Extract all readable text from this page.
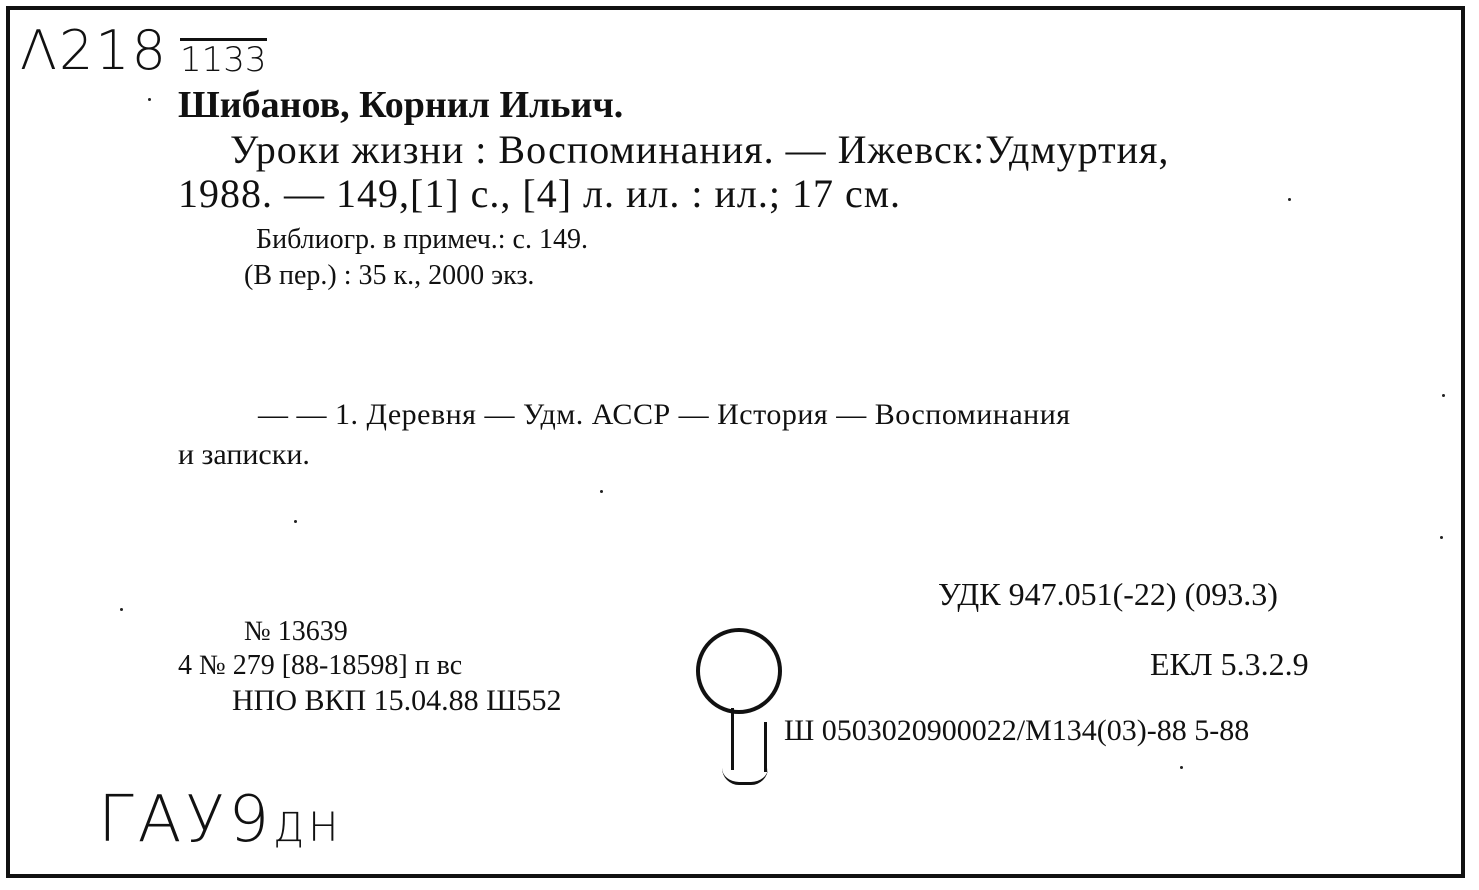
Λ218 1133
Шибанов, Корнил Ильич.
Уроки жизни : Воспоминания. — Ижевск:Удмуртия,
1988. — 149,[1] с., [4] л. ил. : ил.; 17 см.
Библиогр. в примеч.: с. 149.
(В пер.) : 35 к., 2000 экз.
— — 1. Деревня — Удм. АССР — История — Воспоминания
и записки.
УДК 947.051(-22) (093.3)
ЕКЛ 5.3.2.9
Ш 0503020900022/М134(03)-88 5-88
№ 13639
4 № 279 [88-18598] п вс
НПО ВКП 15.04.88 Ш552
ГАУ9ДН
